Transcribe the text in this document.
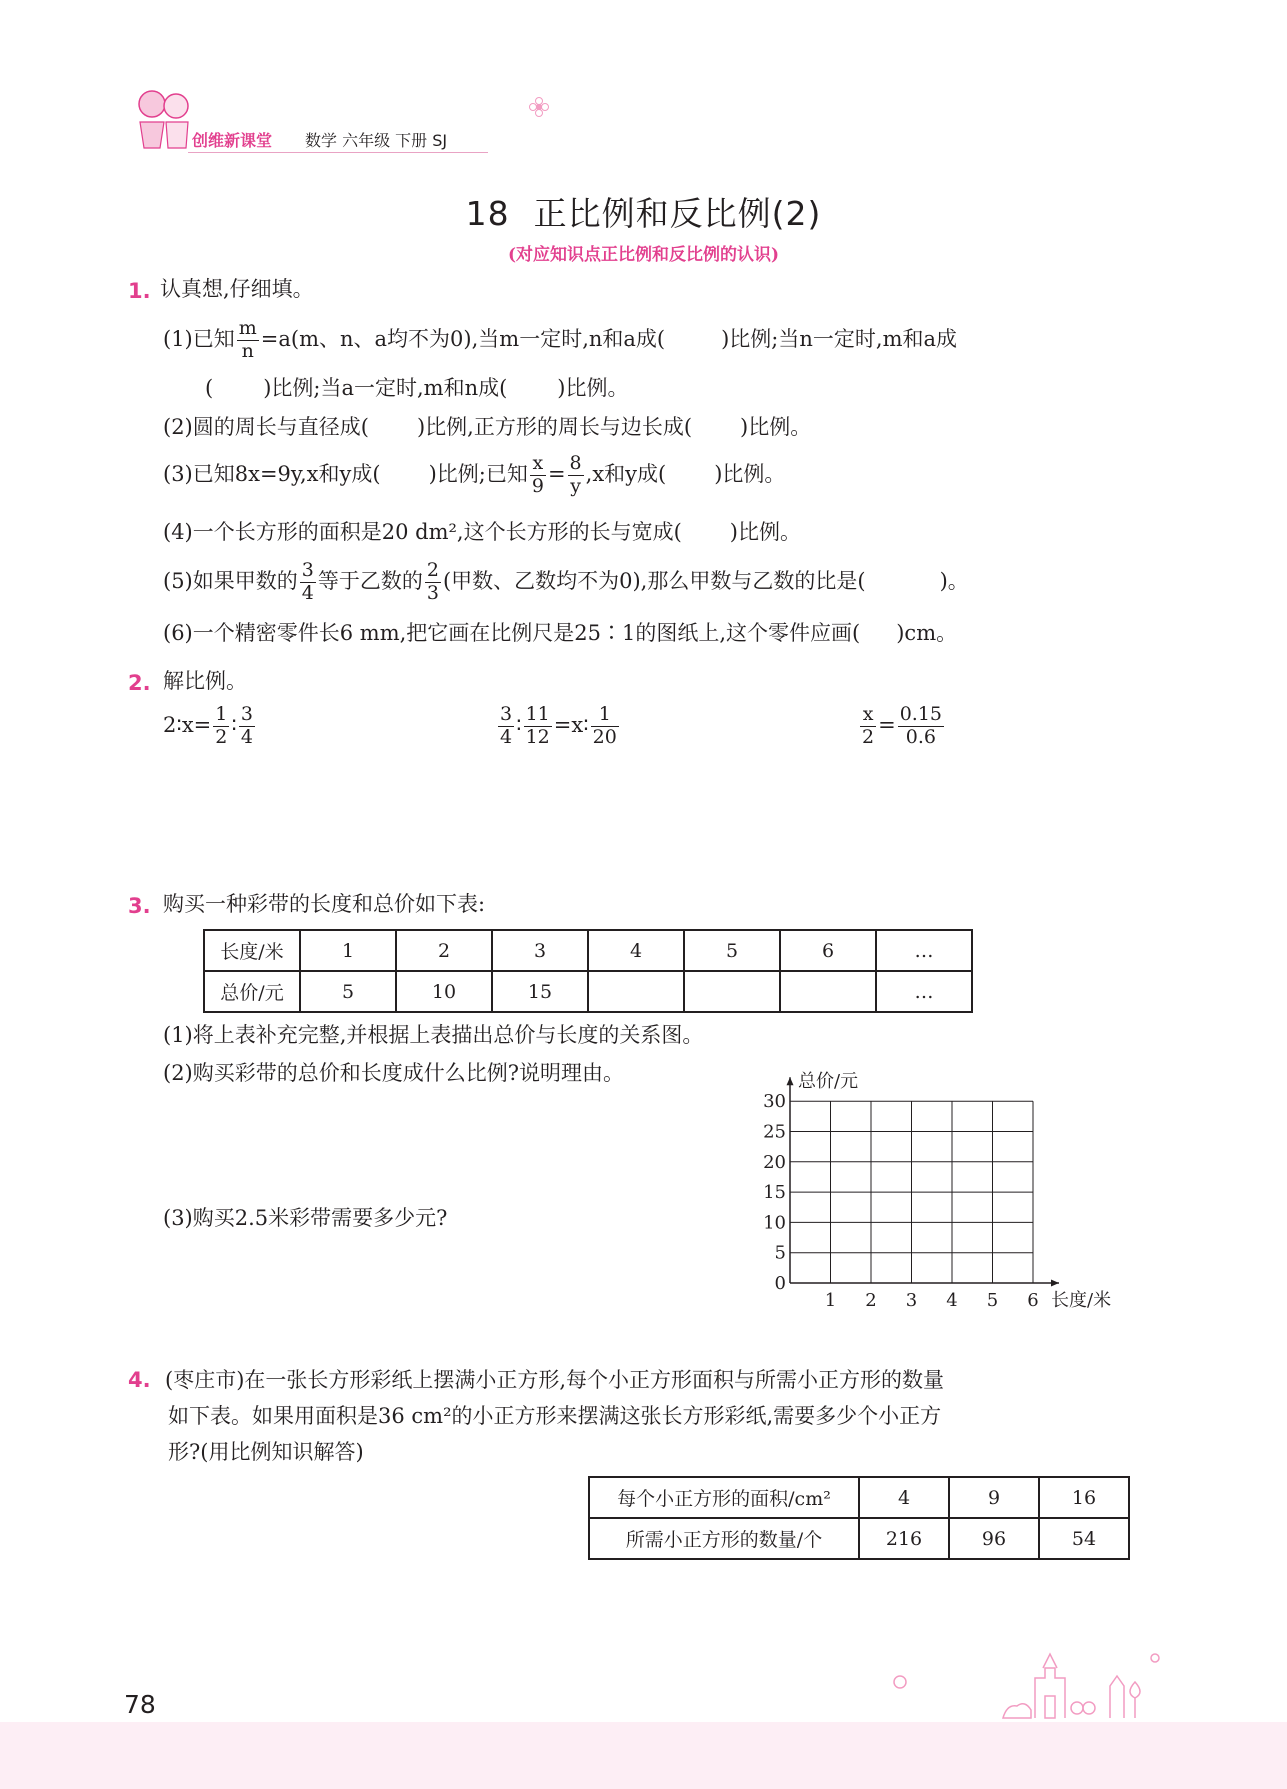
创维新课堂 数学 六年级 下册 SJ
18 正比例和反比例(2)
(对应知识点正比例和反比例的认识)
1. 认真想,仔细填。
(1)已知 $\frac{m}{n} =a(m$、n、a均不为0),当m一定时,n和a成(	)比例;当n一定时,m和a成
( )比例;当a一定时,m和n成( )比例。
(2)圆的周长与直径成( )比例,正方形的周长与边长成( )比例。
(3)已知8x=9y,x和y成( )比例;已知 $\frac{x}{9} = \frac{8}{y} ,x$和y成( )比例。
(4)一个长方形的面积是20 dm²,这个长方形的长与宽成( )比例。
(5)如果甲数的 $\frac{3}{4}$ 等于乙数的 $\frac{2}{3}$ (甲数、乙数均不为0),那么甲数与乙数的比是(	)。
(6)一个精密零件长6 mm,把它画在比例尺是25∶1的图纸上,这个零件应画( )cm。
2. 解比例。
2∶x= $\frac{1}{2}$ ∶ $\frac{3}{4}$	$\frac{3}{4}$ ∶ $\frac{11}{12}$ =x∶ $\frac{1}{20}$	$\frac{x}{2} = \frac{0.15}{0.6}$
3. 购买一种彩带的长度和总价如下表:
长度/米	1	2	3	4	5	6	…
总价/元	5	10	15				…
(1)将上表补充完整,并根据上表描出总价与长度的关系图。
(2)购买彩带的总价和长度成什么比例?说明理由。
(3)购买2.5米彩带需要多少元?
1 2 3 4 5 6
0
5
10
15
20
25
30
长度/米
总价/元
4. (枣庄市)在一张长方形彩纸上摆满小正方形,每个小正方形面积与所需小正方形的数量
如下表。如果用面积是36 cm²的小正方形来摆满这张长方形彩纸,需要多少个小正方
形?(用比例知识解答)
每个小正方形的面积/cm²	4	9	16
所需小正方形的数量/个	216	96	54
78
